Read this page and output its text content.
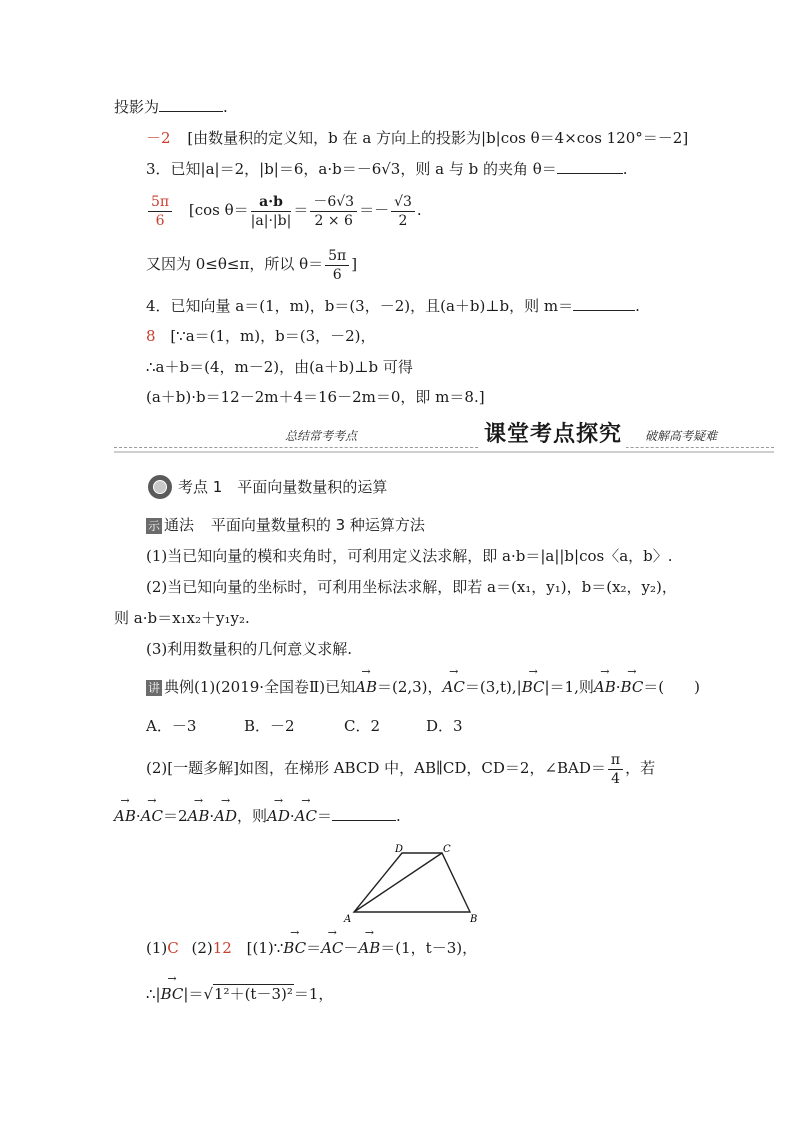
投影为	.
－2 [由数量积的定义知，b 在 a 方向上的投影为|b|cos θ＝4×cos 120°＝－2]
3．已知|a|＝2，|b|＝6，a·b＝－6√3，则 a 与 b 的夹角 θ＝	.
$\frac{5\pi}{6} [\cos$ $\theta= \frac{a\cdot b}{|a|\cdot|b|} = \frac{-6√3}{2 \times 6} =- \frac{√3}{2}$ .
又因为 0≤θ≤π，所以 $\theta= \frac{5\pi}{6}$ ]
4．已知向量 a＝(1，m)，b＝(3，－2)，且(a＋b)⊥b，则 m＝	.
8 [∵a＝(1，m)，b＝(3，－2)，
∴a＋b＝(4，m－2)，由(a＋b)⊥b 可得
(a＋b)·b＝12－2m＋4＝16－2m＝0，即 m＝8.]
总结常考考点	课堂考点探究	破解高考疑难
考点 1　平面向量数量积的运算
示 通法 平面向量数量积的 3 种运算方法
(1)当已知向量的模和夹角时，可利用定义法求解，即 a·b＝|a||b|cos〈a，b〉.
(2)当已知向量的坐标时，可利用坐标法求解，即若 a＝(x₁，y₁)，b＝(x₂，y₂)，
则 a·b＝x₁x₂＋y₁y₂.
(3)利用数量积的几何意义求解.
讲 典例(1)(2019·全国卷Ⅱ)已知→ AB＝(2,3)，→ AC＝(3,t),|→ BC|＝1,则→ AB·→ BC＝(　　)
A．－3	B．－2	C．2	D．3
(2)[一题多解]如图，在梯形 ABCD 中，AB∥CD，CD＝2，∠BAD＝ $\frac{\pi}{4}$ ，若
→ AB·→ AC＝2→ AB·→ AD，则→ AD·→ AC＝	.
A	B
C
D
(1)C (2)12 [(1)∵→ BC＝→ AC－→ AB＝(1，t－3)，
∴|→ BC|＝√1²＋(t－3)²＝1，
